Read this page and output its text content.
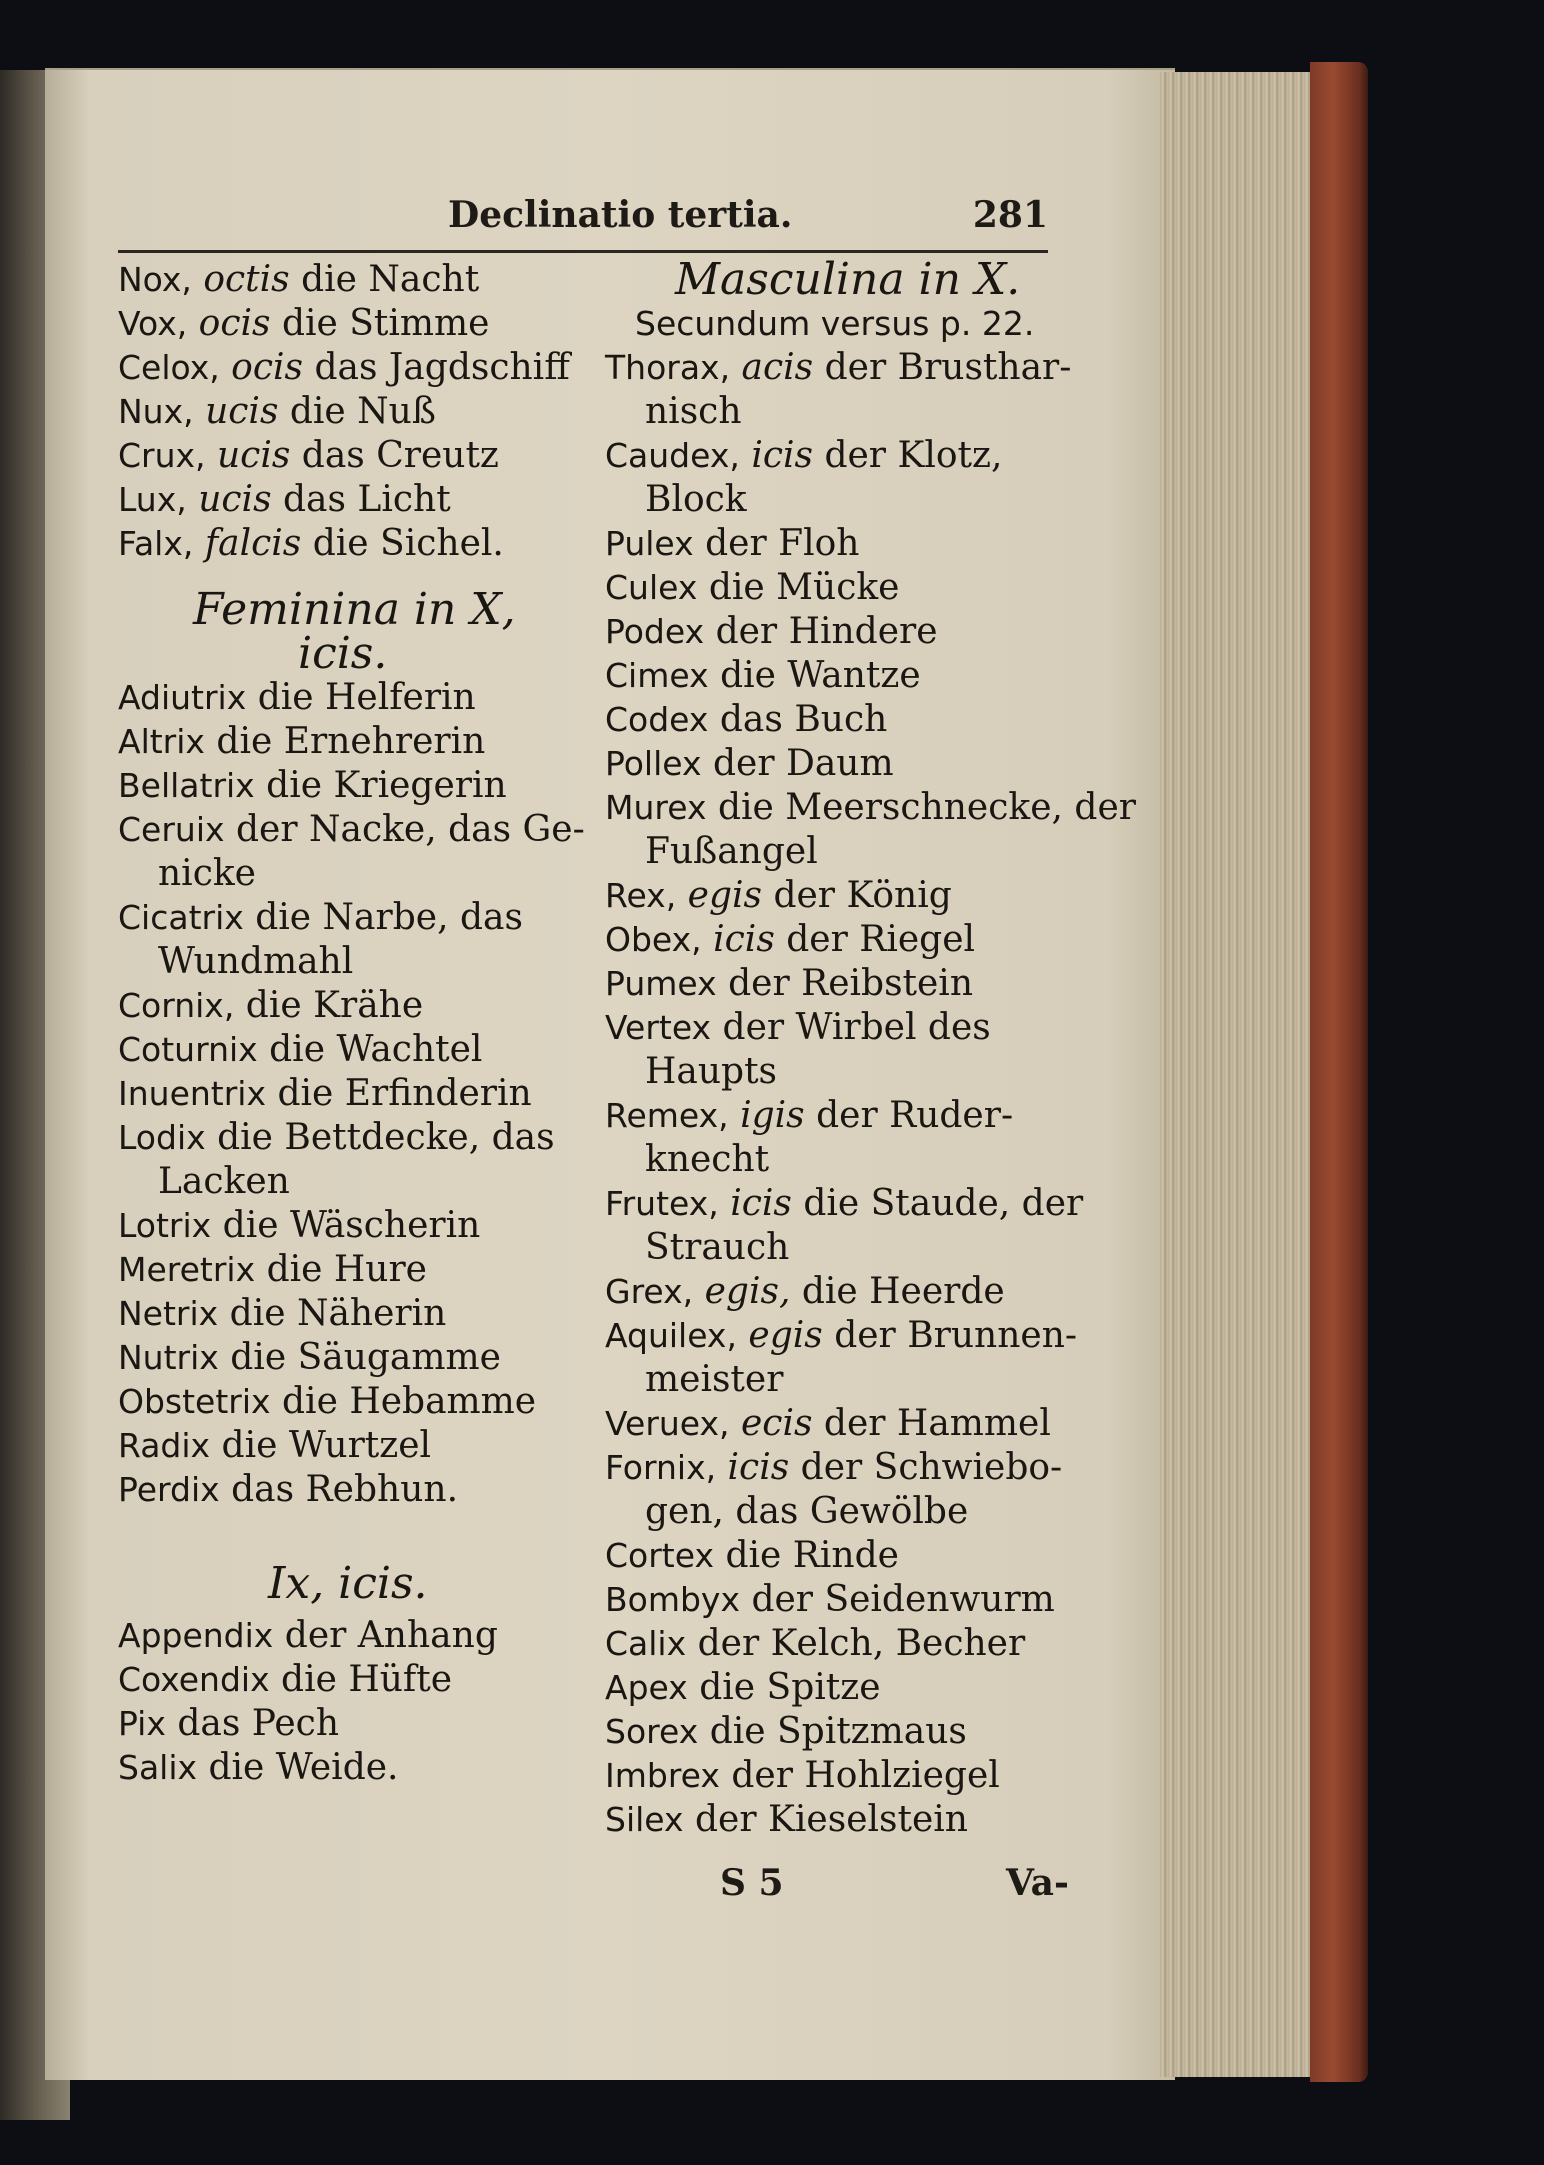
Declinatio tertia.	281

Nox, octis die Nacht

Vox, ocis die Stimme

Celox, ocis das Jagdschiff

Nux, ucis die Nuß

Crux, ucis das Creutz

Lux, ucis das Licht

Falx, falcis die Sichel.

Feminina in X,

icis.

Adiutrix die Helferin

Altrix die Ernehrerin

Bellatrix die Kriegerin

Ceruix der Nacke, das Ge-

nicke

Cicatrix die Narbe, das

Wundmahl

Cornix, die Krähe

Coturnix die Wachtel

Inuentrix die Erfinderin

Lodix die Bettdecke, das

Lacken

Lotrix die Wäscherin

Meretrix die Hure

Netrix die Näherin

Nutrix die Säugamme

Obstetrix die Hebamme

Radix die Wurtzel

Perdix das Rebhun.

Ix, icis.

Appendix der Anhang

Coxendix die Hüfte

Pix das Pech

Salix die Weide.

Masculina in X.

Secundum versus p. 22.

Thorax, acis der Brusthar-

nisch

Caudex, icis der Klotz,

Block

Pulex der Floh

Culex die Mücke

Podex der Hindere

Cimex die Wantze

Codex das Buch

Pollex der Daum

Murex die Meerschnecke, der

Fußangel

Rex, egis der König

Obex, icis der Riegel

Pumex der Reibstein

Vertex der Wirbel des

Haupts

Remex, igis der Ruder-

knecht

Frutex, icis die Staude, der

Strauch

Grex, egis, die Heerde

Aquilex, egis der Brunnen-

meister

Veruex, ecis der Hammel

Fornix, icis der Schwiebo-

gen, das Gewölbe

Cortex die Rinde

Bombyx der Seidenwurm

Calix der Kelch, Becher

Apex die Spitze

Sorex die Spitzmaus

Imbrex der Hohlziegel

Silex der Kieselstein

S 5	Va-
